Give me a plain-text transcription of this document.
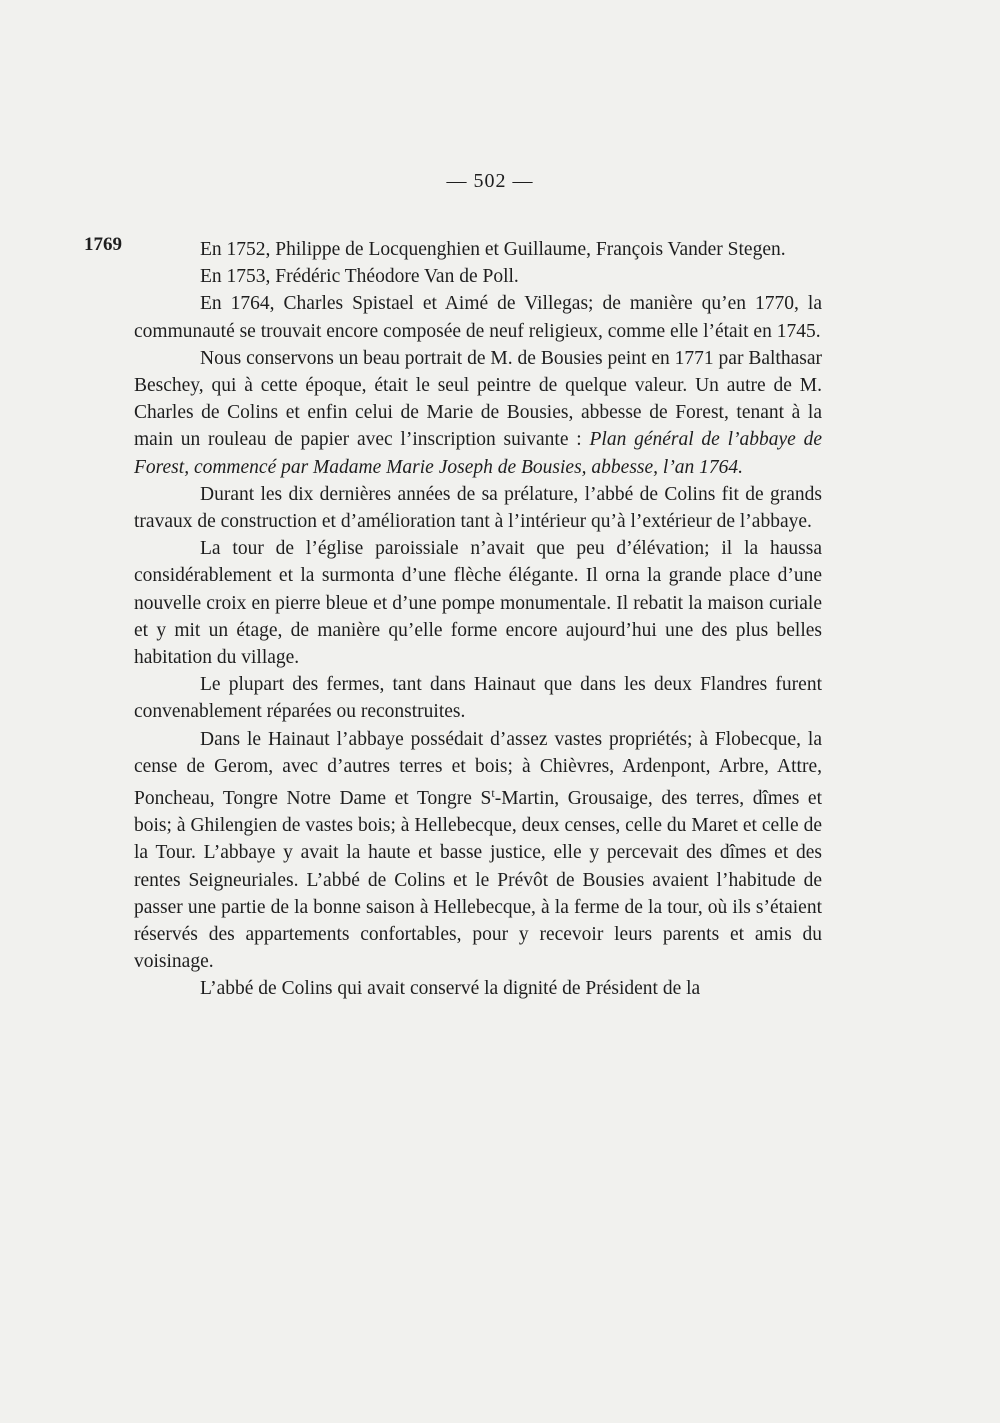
— 502 —
1769	En 1752, Philippe de Locquenghien et Guillaume, François Vander Stegen.

En 1753, Frédéric Théodore Van de Poll.

En 1764, Charles Spistael et Aimé de Villegas; de manière qu’en 1770, la communauté se trouvait encore composée de neuf religieux, comme elle l’était en 1745.

Nous conservons un beau portrait de M. de Bousies peint en 1771 par Balthasar Beschey, qui à cette époque, était le seul peintre de quelque valeur. Un autre de M. Charles de Colins et enfin celui de Marie de Bousies, abbesse de Forest, tenant à la main un rouleau de papier avec l’inscription suivante : Plan général de l’abbaye de Forest, commencé par Madame Marie Joseph de Bousies, abbesse, l’an 1764.

Durant les dix dernières années de sa prélature, l’abbé de Colins fit de grands travaux de construction et d’amélioration tant à l’intérieur qu’à l’extérieur de l’abbaye.

La tour de l’église paroissiale n’avait que peu d’élévation; il la haussa considérablement et la surmonta d’une flèche élégante. Il orna la grande place d’une nouvelle croix en pierre bleue et d’une pompe monumentale. Il rebatit la maison curiale et y mit un étage, de manière qu’elle forme encore aujourd’hui une des plus belles habitation du village.

Le plupart des fermes, tant dans Hainaut que dans les deux Flandres furent convenablement réparées ou reconstruites.

Dans le Hainaut l’abbaye possédait d’assez vastes propriétés; à Flobecque, la cense de Gerom, avec d’autres terres et bois; à Chièvres, Ardenpont, Arbre, Attre, Poncheau, Tongre Notre Dame et Tongre $S^t$-Martin, Grousaige, des terres, dîmes et bois; à Ghilengien de vastes bois; à Hellebecque, deux censes, celle du Maret et celle de la Tour. L’abbaye y avait la haute et basse justice, elle y percevait des dîmes et des rentes Seigneuriales. L’abbé de Colins et le Prévôt de Bousies avaient l’habitude de passer une partie de la bonne saison à Hellebecque, à la ferme de la tour, où ils s’étaient réservés des appartements confortables, pour y recevoir leurs parents et amis du voisinage.

L’abbé de Colins qui avait conservé la dignité de Président de la
